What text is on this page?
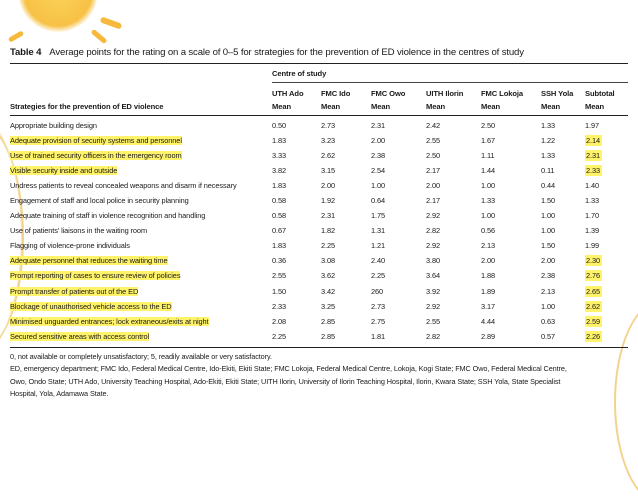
Table 4 Average points for the rating on a scale of 0–5 for strategies for the prevention of ED violence in the centres of study
	Centre of study						
	UTH Ado	FMC Ido	FMC Owo	UITH Ilorin	FMC Lokoja	SSH Yola	Subtotal
Strategies for the prevention of ED violence	Mean	Mean	Mean	Mean	Mean	Mean	Mean
Appropriate building design	0.50	2.73	2.31	2.42	2.50	1.33	1.97
Adequate provision of security systems and personnel	1.83	3.23	2.00	2.55	1.67	1.22	2.14
Use of trained security officers in the emergency room	3.33	2.62	2.38	2.50	1.11	1.33	2.31
Visible security inside and outside	3.82	3.15	2.54	2.17	1.44	0.11	2.33
Undress patients to reveal concealed weapons and disarm if necessary	1.83	2.00	1.00	2.00	1.00	0.44	1.40
Engagement of staff and local police in security planning	0.58	1.92	0.64	2.17	1.33	1.50	1.33
Adequate training of staff in violence recognition and handling	0.58	2.31	1.75	2.92	1.00	1.00	1.70
Use of patients' liaisons in the waiting room	0.67	1.82	1.31	2.82	0.56	1.00	1.39
Flagging of violence-prone individuals	1.83	2.25	1.21	2.92	2.13	1.50	1.99
Adequate personnel that reduces the waiting time	0.36	3.08	2.40	3.80	2.00	2.00	2.30
Prompt reporting of cases to ensure review of policies	2.55	3.62	2.25	3.64	1.88	2.38	2.76
Prompt transfer of patients out of the ED	1.50	3.42	260	3.92	1.89	2.13	2.65
Blockage of unauthorised vehicle access to the ED	2.33	3.25	2.73	2.92	3.17	1.00	2.62
Minimised unguarded entrances; lock extraneous/exits at night	2.08	2.85	2.75	2.55	4.44	0.63	2.59
Secured sensitive areas with access control	2.25	2.85	1.81	2.82	2.89	0.57	2.26

0, not available or completely unsatisfactory; 5, readily available or very satisfactory.

ED, emergency department; FMC Ido, Federal Medical Centre, Ido-Ekiti, Ekiti State; FMC Lokoja, Federal Medical Centre, Lokoja, Kogi State; FMC Owo, Federal Medical Centre,

Owo, Ondo State; UTH Ado, University Teaching Hospital, Ado-Ekiti, Ekiti State; UITH Ilorin, University of Ilorin Teaching Hospital, Ilorin, Kwara State; SSH Yola, State Specialist

Hospital, Yola, Adamawa State.
